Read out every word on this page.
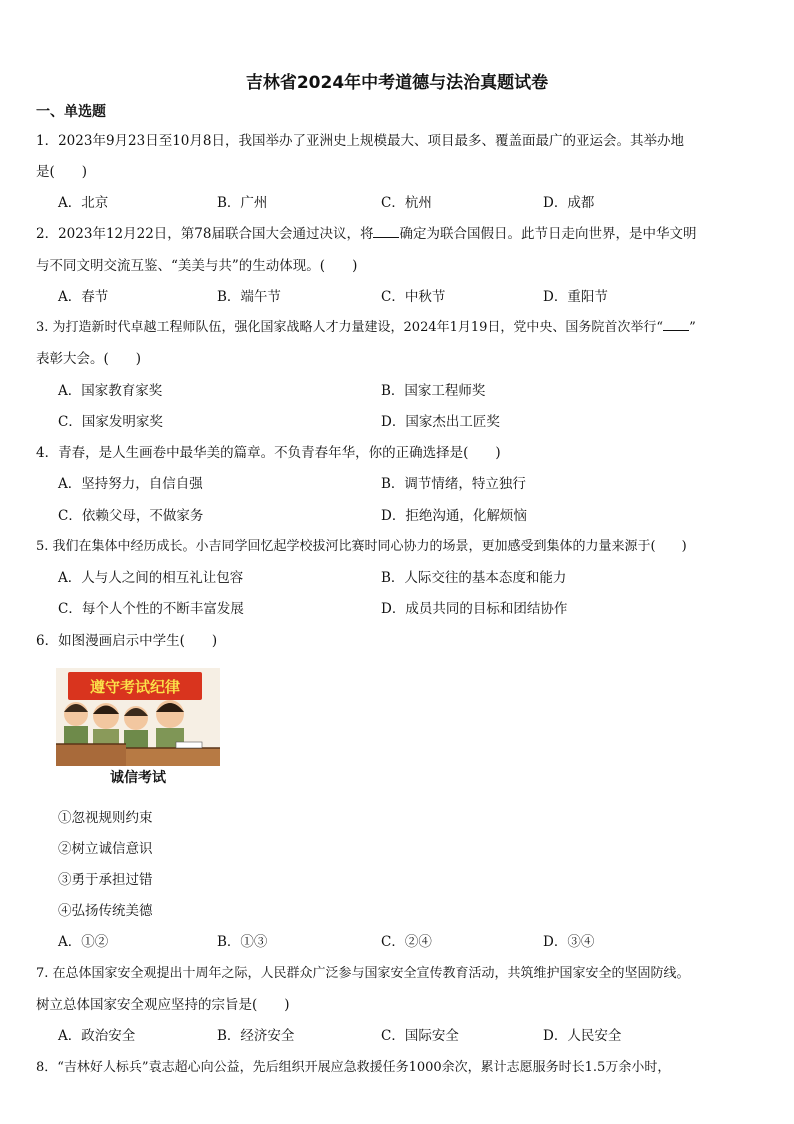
吉林省2024年中考道德与法治真题试卷
一、单选题
1．2023年9月23日至10月8日，我国举办了亚洲史上规模最大、项目最多、覆盖面最广的亚运会。其举办地
是(　　)
A．北京	B．广州	C．杭州	D．成都
2．2023年12月22日，第78届联合国大会通过决议，将 确定为联合国假日。此节日走向世界，是中华文明
与不同文明交流互鉴、“美美与共”的生动体现。(　　)
A．春节	B．端午节	C．中秋节	D．重阳节
3. 为打造新时代卓越工程师队伍，强化国家战略人才力量建设，2024年1月19日，党中央、国务院首次举行“ ”
表彰大会。(　　)
A．国家教育家奖	B．国家工程师奖
C．国家发明家奖	D．国家杰出工匠奖
4．青春，是人生画卷中最华美的篇章。不负青春年华，你的正确选择是(　　)
A．坚持努力，自信自强	B．调节情绪，特立独行
C．依赖父母，不做家务	D．拒绝沟通，化解烦恼
5. 我们在集体中经历成长。小吉同学回忆起学校拔河比赛时同心协力的场景，更加感受到集体的力量来源于(　　)
A．人与人之间的相互礼让包容	B．人际交往的基本态度和能力
C．每个人个性的不断丰富发展	D．成员共同的目标和团结协作
6．如图漫画启示中学生(　　)
遵守考试纪律
诚信考试
①忽视规则约束
②树立诚信意识
③勇于承担过错
④弘扬传统美德
A．①②	B．①③	C．②④	D．③④
7. 在总体国家安全观提出十周年之际，人民群众广泛参与国家安全宣传教育活动，共筑维护国家安全的坚固防线。
树立总体国家安全观应坚持的宗旨是(　　)
A．政治安全	B．经济安全	C．国际安全	D．人民安全
8．“吉林好人标兵”袁志超心向公益，先后组织开展应急救援任务1000余次，累计志愿服务时长1.5万余小时，
